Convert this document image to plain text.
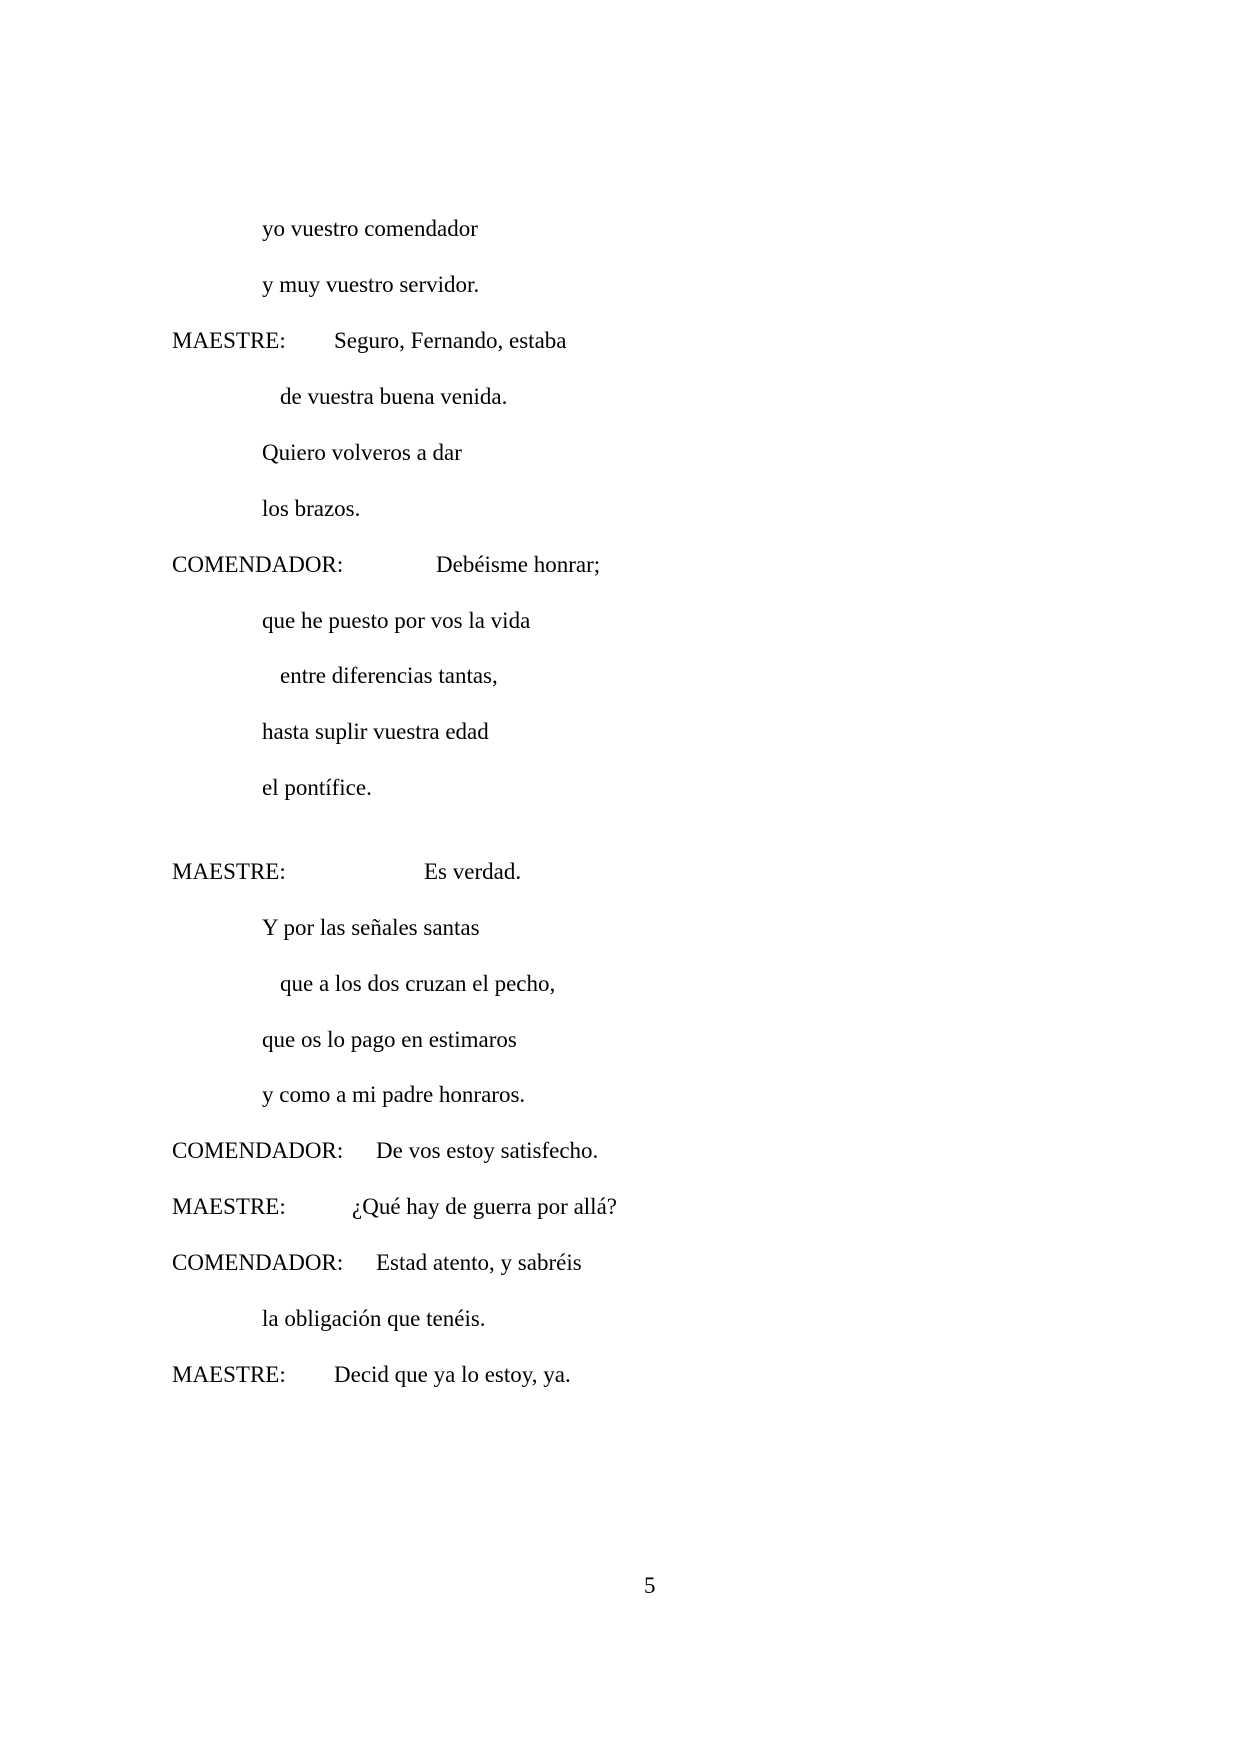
yo vuestro comendador
y muy vuestro servidor.
MAESTRE: Seguro, Fernando, estaba
de vuestra buena venida.
Quiero volveros a dar
los brazos.
COMENDADOR:	Debéisme honrar;
que he puesto por vos la vida
entre diferencias tantas,
hasta suplir vuestra edad
el pontífice.
MAESTRE:	Es verdad.
Y por las señales santas
que a los dos cruzan el pecho,
que os lo pago en estimaros
y como a mi padre honraros.
COMENDADOR: De vos estoy satisfecho.
MAESTRE:	¿Qué hay de guerra por allá?
COMENDADOR: Estad atento, y sabréis
la obligación que tenéis.
MAESTRE: Decid que ya lo estoy, ya.
5
